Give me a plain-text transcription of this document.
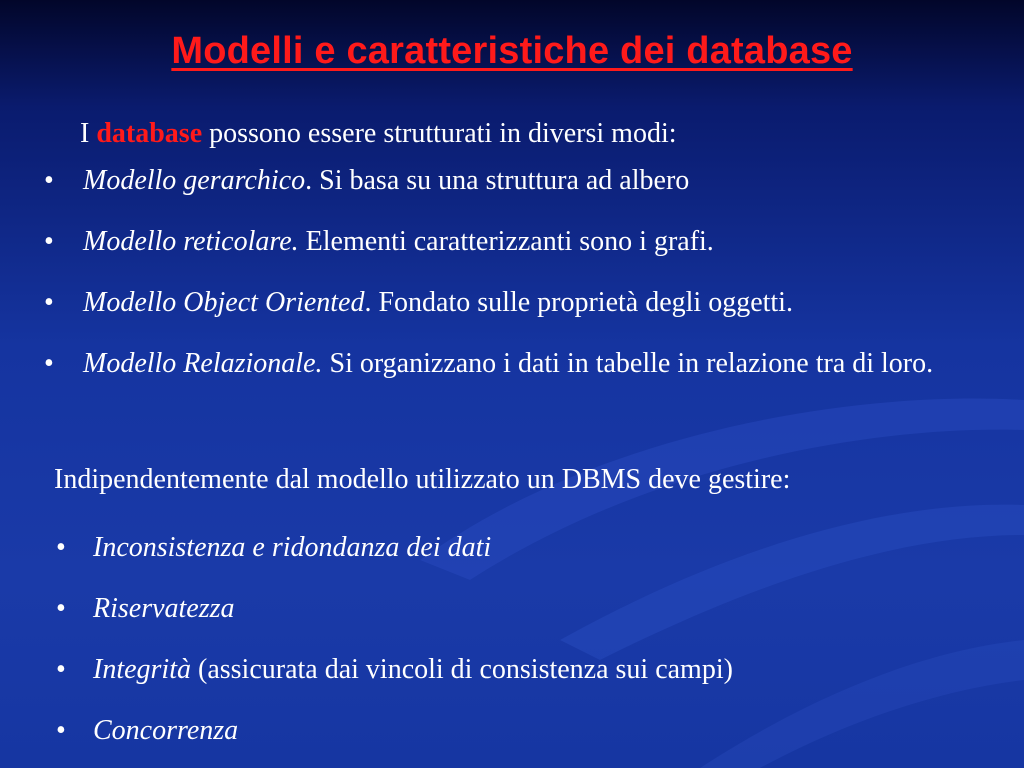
Modelli e caratteristiche dei database
I database possono essere strutturati in diversi modi:
• Modello gerarchico. Si basa su una struttura ad albero
• Modello reticolare. Elementi caratterizzanti sono i grafi.
• Modello Object Oriented. Fondato sulle proprietà degli oggetti.
• Modello Relazionale. Si organizzano i dati in tabelle in relazione tra di loro.
Indipendentemente dal modello utilizzato un DBMS deve gestire:
• Inconsistenza e ridondanza dei dati
• Riservatezza
• Integrità (assicurata dai vincoli di consistenza sui campi)
• Concorrenza
